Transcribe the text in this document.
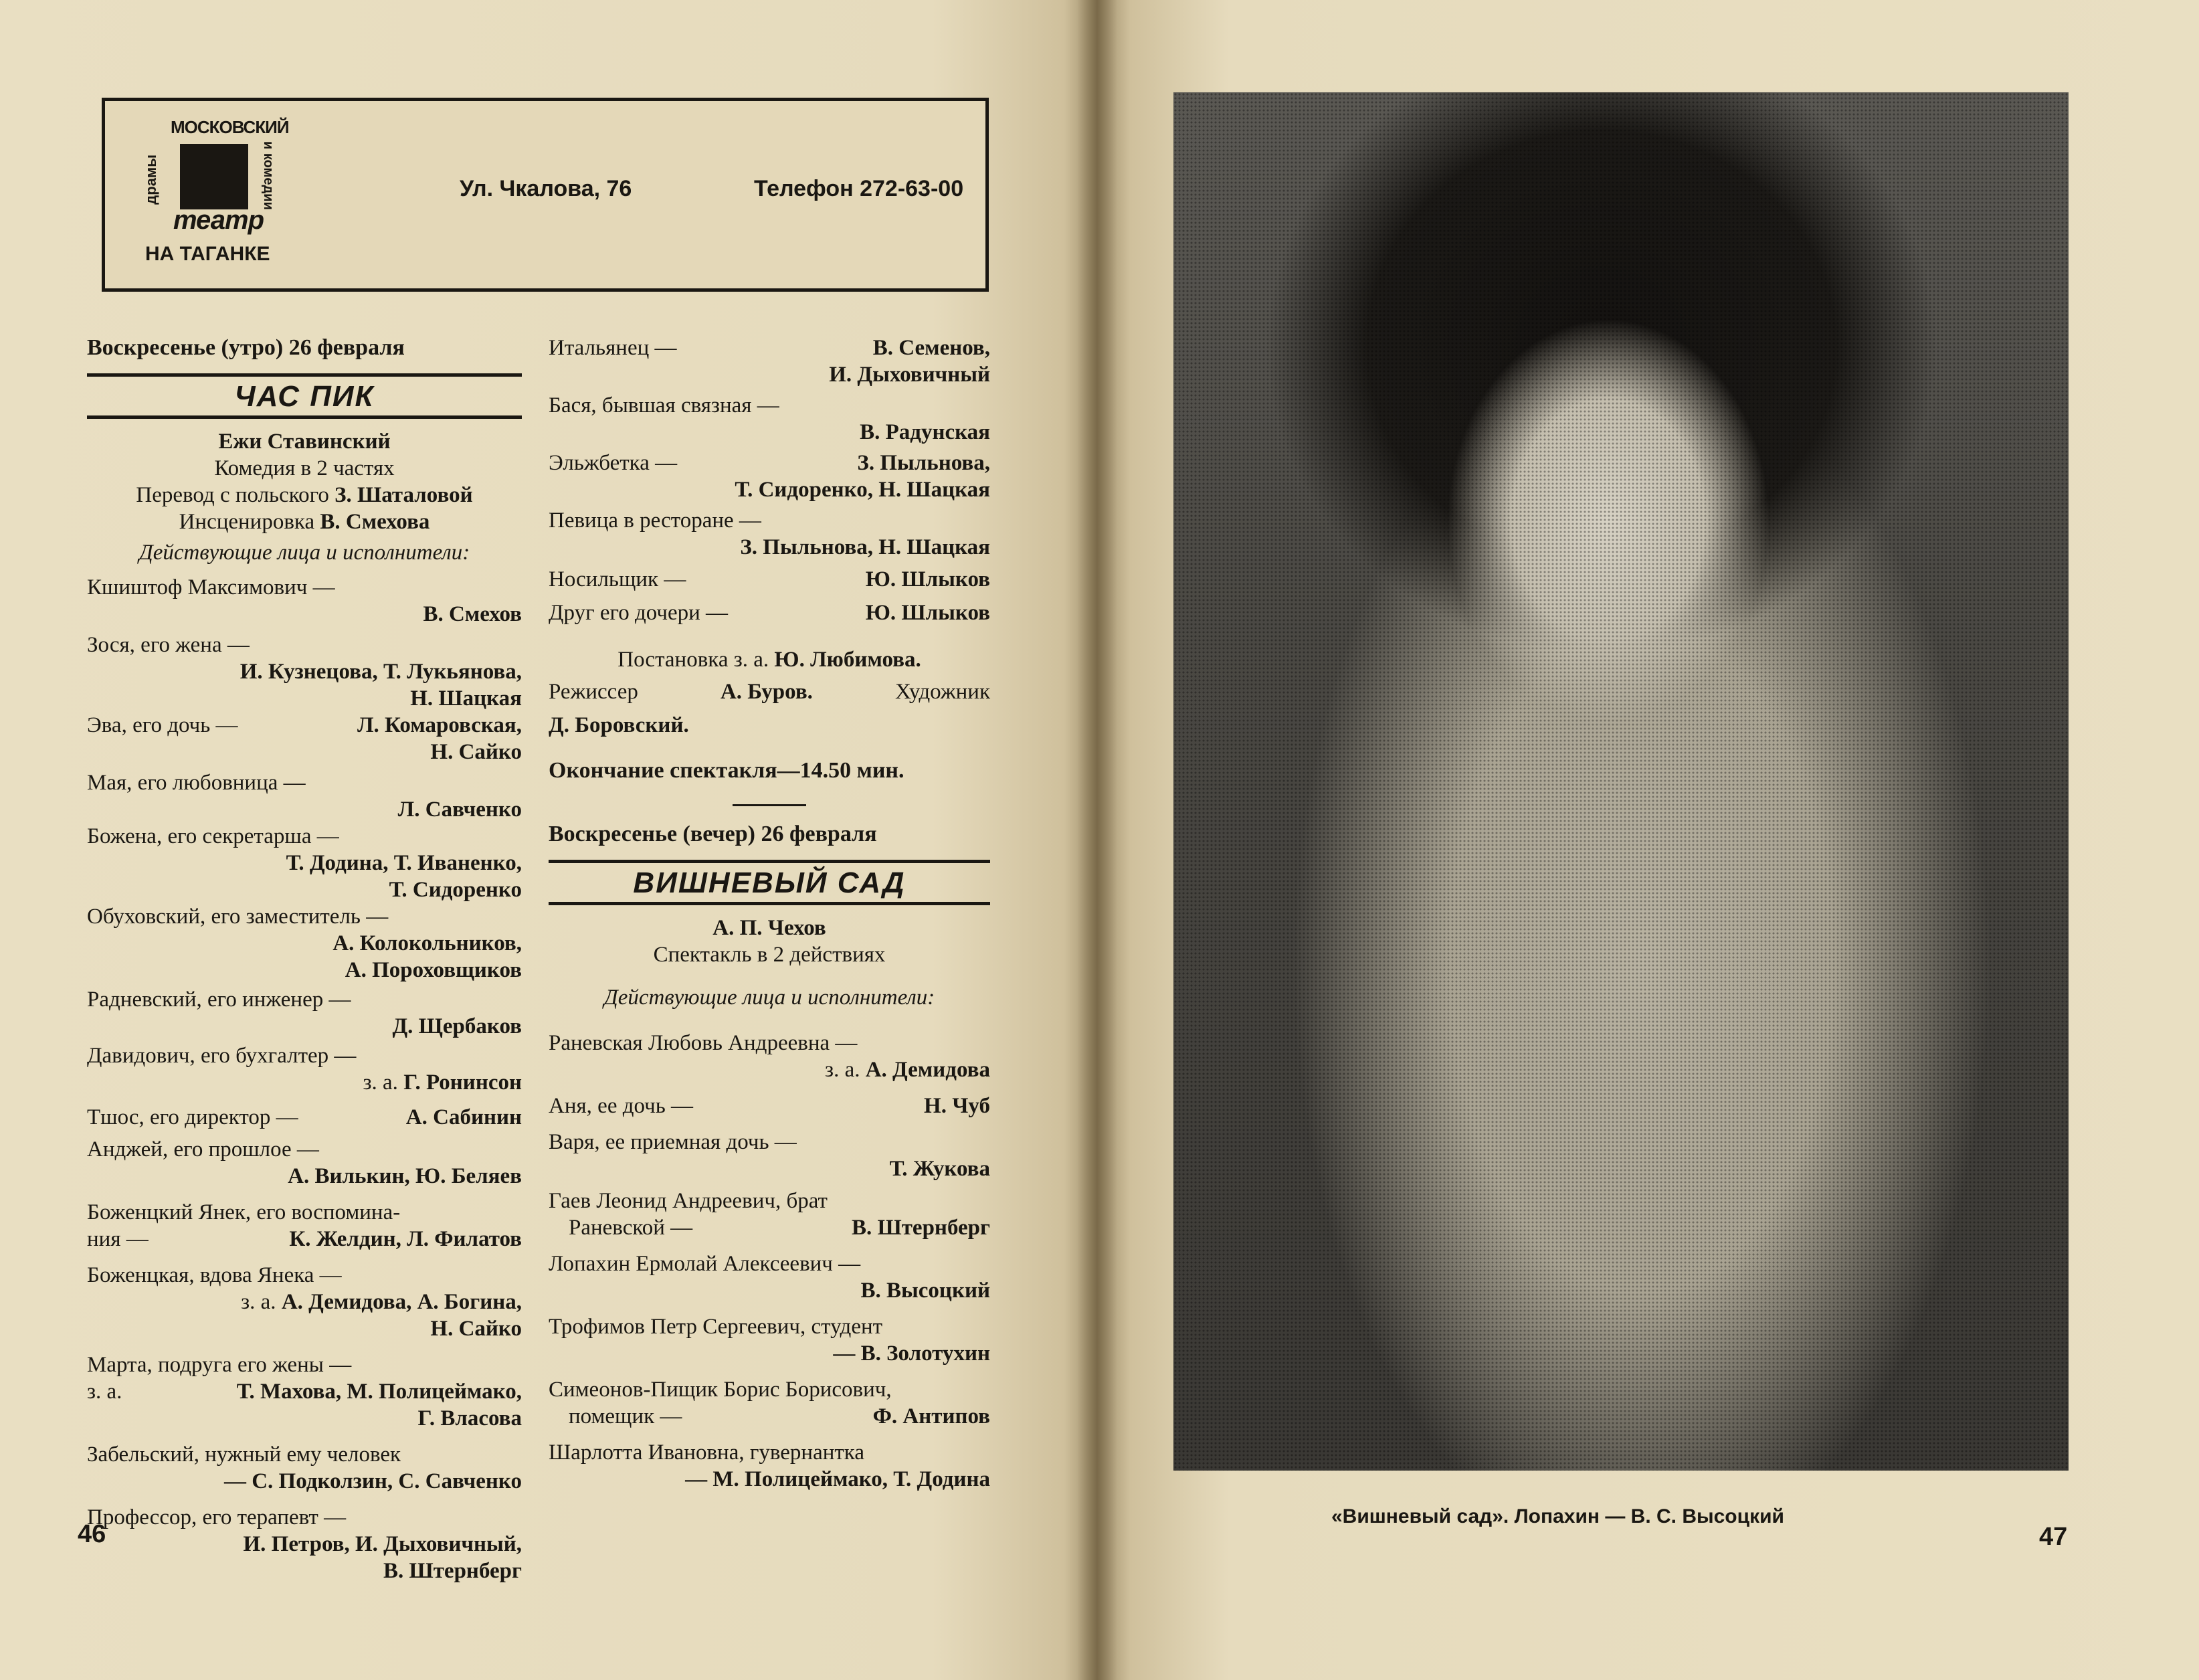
МОСКОВСКИЙ
драмы	и комедии
театр
НА ТАГАНКЕ
Ул. Чкалова, 76	Телефон 272-63-00
Воскресенье (утро) 26 февраля
ЧАС ПИК
Ежи Ставинский
Комедия в 2 частях
Перевод с польского З. Шаталовой
Инсценировка В. Смехова
Действующие лица и исполнители:
Кшиштоф Максимович —
В. Смехов
Зося, его жена —
И. Кузнецова, Т. Лукьянова,
Н. Шацкая
Эва, его дочь —	Л. Комаровская,
Н. Сайко
Мая, его любовница —
Л. Савченко
Божена, его секретарша —
Т. Додина, Т. Иваненко,
Т. Сидоренко
Обуховский, его заместитель —
А. Колокольников,
А. Пороховщиков
Радневский, его инженер —
Д. Щербаков
Давидович, его бухгалтер —
з. а. Г. Ронинсон
Тшос, его директор —	А. Сабинин
Анджей, его прошлое —
А. Вилькин, Ю. Беляев
Боженцкий Янек, его воспомина-
ния —	К. Желдин, Л. Филатов
Боженцкая, вдова Янека —
з. а. А. Демидова, А. Богина,
Н. Сайко
Марта, подруга его жены —
з. а.	Т. Махова, М. Полицеймако,
Г. Власова
Забельский, нужный ему человек
— С. Подколзин, С. Савченко
Профессор, его терапевт —
И. Петров, И. Дыховичный,
В. Штернберг
Итальянец —	В. Семенов,
И. Дыховичный
Бася, бывшая связная —
В. Радунская
Эльжбетка —	З. Пыльнова,
Т. Сидоренко, Н. Шацкая
Певица в ресторане —
З. Пыльнова, Н. Шацкая
Носильщик —	Ю. Шлыков
Друг его дочери —	Ю. Шлыков
Постановка з. а. Ю. Любимова.
Режиссер	А. Буров.	Художник
Д. Боровский.
Окончание спектакля—14.50 мин.
Воскресенье (вечер) 26 февраля
ВИШНЕВЫЙ САД
А. П. Чехов
Спектакль в 2 действиях
Действующие лица и исполнители:
Раневская Любовь Андреевна —
з. а. А. Демидова
Аня, ее дочь —	Н. Чуб
Варя, ее приемная дочь —
Т. Жукова
Гаев Леонид Андреевич, брат
Раневской —	В. Штернберг
Лопахин Ермолай Алексеевич —
В. Высоцкий
Трофимов Петр Сергеевич, студент
— В. Золотухин
Симеонов-Пищик Борис Борисович,
помещик —	Ф. Антипов
Шарлотта Ивановна, гувернантка
— М. Полицеймако, Т. Додина
46
«Вишневый сад». Лопахин — В. С. Высоцкий
47
